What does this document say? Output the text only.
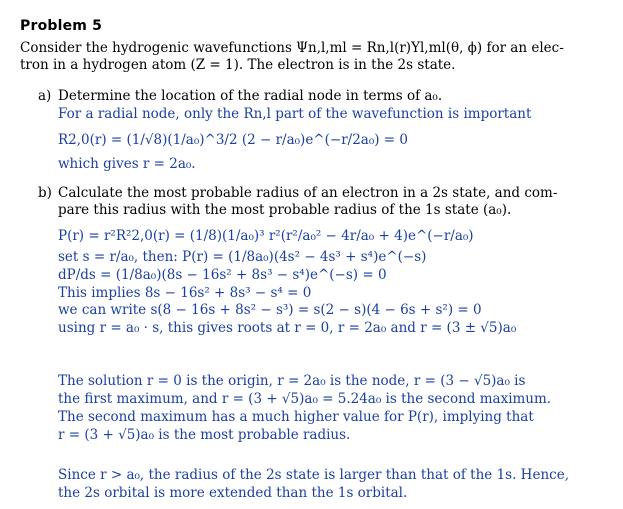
Problem 5
Consider the hydrogenic wavefunctions Ψn,l,ml = Rn,l(r)Yl,ml(θ, ϕ) for an elec-
tron in a hydrogen atom (Z = 1). The electron is in the 2s state.
a) Determine the location of the radial node in terms of a₀.
For a radial node, only the Rn,l part of the wavefunction is important
R2,0(r) = (1/√8)(1/a₀)^3/2 (2 − r/a₀)e^(−r/2a₀) = 0
which gives r = 2a₀.
b) Calculate the most probable radius of an electron in a 2s state, and com-
pare this radius with the most probable radius of the 1s state (a₀).
P(r) = r²R²2,0(r) = (1/8)(1/a₀)³ r²(r²/a₀² − 4r/a₀ + 4)e^(−r/a₀)
set s = r/a₀, then: P(r) = (1/8a₀)(4s² − 4s³ + s⁴)e^(−s)
dP/ds = (1/8a₀)(8s − 16s² + 8s³ − s⁴)e^(−s) = 0
This implies 8s − 16s² + 8s³ − s⁴ = 0
we can write s(8 − 16s + 8s² − s³) = s(2 − s)(4 − 6s + s²) = 0
using r = a₀ · s, this gives roots at r = 0, r = 2a₀ and r = (3 ± √5)a₀
The solution r = 0 is the origin, r = 2a₀ is the node, r = (3 − √5)a₀ is
the first maximum, and r = (3 + √5)a₀ = 5.24a₀ is the second maximum.
The second maximum has a much higher value for P(r), implying that
r = (3 + √5)a₀ is the most probable radius.
Since r > a₀, the radius of the 2s state is larger than that of the 1s. Hence,
the 2s orbital is more extended than the 1s orbital.
